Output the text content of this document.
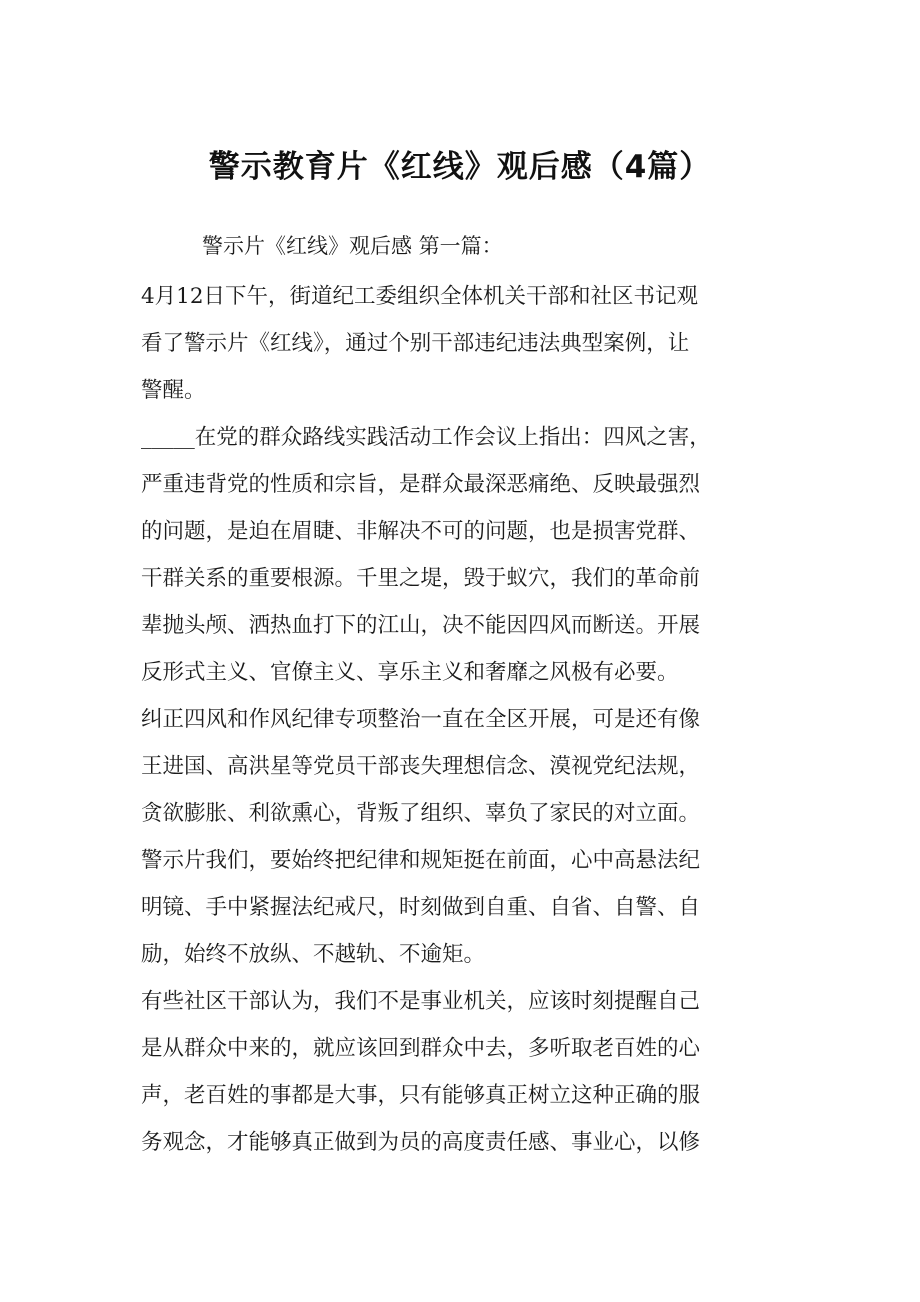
警示教育片《红线》观后感（4篇）
警示片《红线》观后感 第一篇：
4月12日下午，街道纪工委组织全体机关干部和社区书记观
看了警示片《红线》，通过个别干部违纪违法典型案例，让
警醒。
_____在党的群众路线实践活动工作会议上指出：四风之害，
严重违背党的性质和宗旨，是群众最深恶痛绝、反映最强烈
的问题，是迫在眉睫、非解决不可的问题，也是损害党群、
干群关系的重要根源。千里之堤，毁于蚁穴，我们的革命前
辈抛头颅、洒热血打下的江山，决不能因四风而断送。开展
反形式主义、官僚主义、享乐主义和奢靡之风极有必要。
纠正四风和作风纪律专项整治一直在全区开展，可是还有像
王进国、高洪星等党员干部丧失理想信念、漠视党纪法规，
贪欲膨胀、利欲熏心，背叛了组织、辜负了家民的对立面。
警示片我们，要始终把纪律和规矩挺在前面，心中高悬法纪
明镜、手中紧握法纪戒尺，时刻做到自重、自省、自警、自
励，始终不放纵、不越轨、不逾矩。
有些社区干部认为，我们不是事业机关，应该时刻提醒自己
是从群众中来的，就应该回到群众中去，多听取老百姓的心
声，老百姓的事都是大事，只有能够真正树立这种正确的服
务观念，才能够真正做到为员的高度责任感、事业心，以修
